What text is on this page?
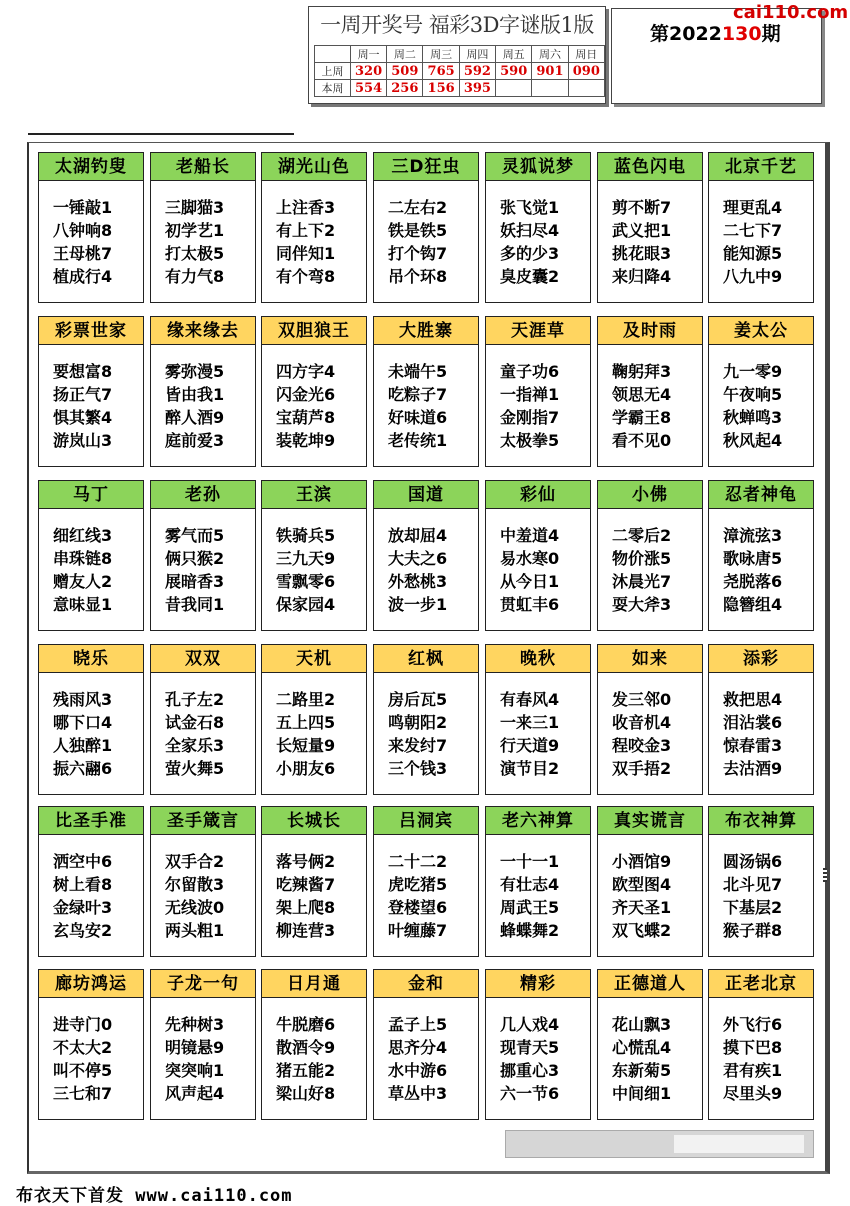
一周开奖号 福彩3D字谜版1版
	周一	周二	周三	周四	周五	周六	周日
上周	320	509	765	592	590	901	090
本周	554	256	156	395			
第2022130期
cai110.com
太湖钓叟
一锤敲1
八钟响8
王母桃7
植成行4
老船长
三脚猫3
初学艺1
打太极5
有力气8
湖光山色
上注香3
有上下2
同伴知1
有个弯8
三D狂虫
二左右2
铁是铁5
打个钩7
吊个环8
灵狐说梦
张飞觉1
妖扫尽4
多的少3
臭皮囊2
蓝色闪电
剪不断7
武义把1
挑花眼3
来归降4
北京千艺
理更乱4
二七下7
能知源5
八九中9
彩票世家
要想富8
扬正气7
惧其繁4
游岚山3
缘来缘去
雾弥漫5
皆由我1
醉人酒9
庭前爱3
双胆狼王
四方字4
闪金光6
宝葫芦8
装乾坤9
大胜寨
未端午5
吃粽子7
好味道6
老传统1
天涯草
童子功6
一指禅1
金刚指7
太极拳5
及时雨
鞠躬拜3
领思无4
学霸王8
看不见0
姜太公
九一零9
午夜响5
秋蝉鸣3
秋风起4
马丁
细红线3
串珠链8
赠友人2
意味显1
老孙
雾气而5
俩只猴2
展暗香3
昔我同1
王滨
铁骑兵5
三九天9
雪飘零6
保家园4
国道
放却屈4
大夫之6
外愁桃3
波一步1
彩仙
中羞道4
易水寒0
从今日1
贯虹丰6
小佛
二零后2
物价涨5
沐晨光7
耍大斧3
忍者神龟
漳流弦3
歌咏唐5
尧脱落6
隐簪组4
晓乐
残雨风3
哪下口4
人独醉1
振六翮6
双双
孔子左2
试金石8
全家乐3
萤火舞5
天机
二路里2
五上四5
长短量9
小朋友6
红枫
房后瓦5
鸣朝阳2
来发纣7
三个钱3
晚秋
有春风4
一来三1
行天道9
演节目2
如来
发三邻0
收音机4
程咬金3
双手捂2
添彩
救把思4
泪沾裳6
惊春雷3
去沽酒9
比圣手准
洒空中6
树上看8
金绿叶3
玄鸟安2
圣手箴言
双手合2
尔留散3
无线波0
两头粗1
长城长
落号俩2
吃辣酱7
架上爬8
柳连营3
吕洞宾
二十二2
虎吃猪5
登楼望6
叶缠藤7
老六神算
一十一1
有壮志4
周武王5
蜂蝶舞2
真实谎言
小酒馆9
欧型图4
齐天圣1
双飞蝶2
布衣神算
圆汤锅6
北斗见7
下基层2
猴子群8
廊坊鸿运
进寺门0
不太大2
叫不停5
三七和7
子龙一句
先种树3
明镜悬9
突突响1
风声起4
日月通
牛脱磨6
散酒令9
猪五能2
梁山好8
金和
孟子上5
思齐分4
水中游6
草丛中3
精彩
几人戏4
现青天5
挪重心3
六一节6
正德道人
花山飘3
心慌乱4
东新菊5
中间细1
正老北京
外飞行6
摸下巴8
君有疾1
尽里头9
布衣天下首发 www.cai110.com
